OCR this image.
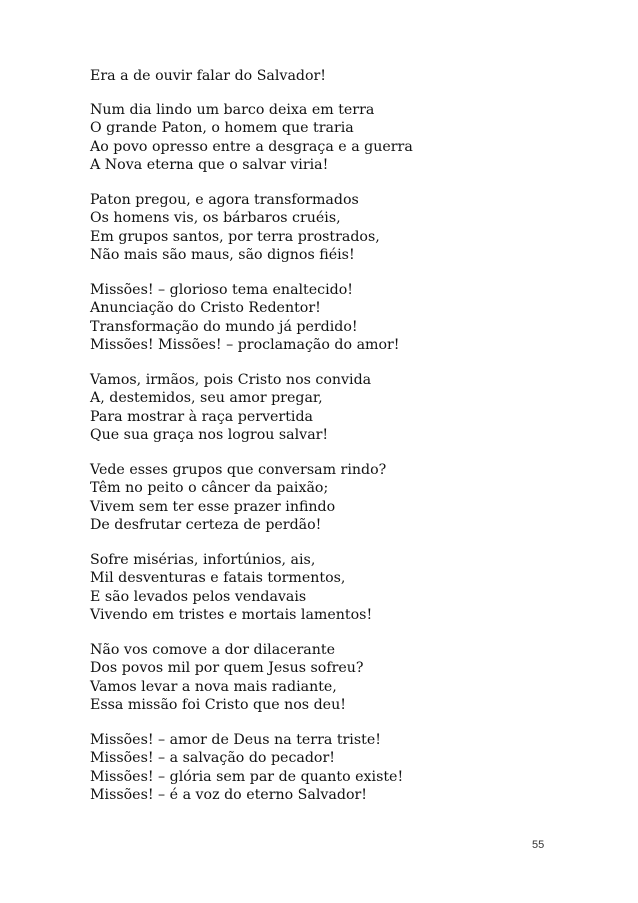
Era a de ouvir falar do Salvador!
Num dia lindo um barco deixa em terra
O grande Paton, o homem que traria
Ao povo opresso entre a desgraça e a guerra
A Nova eterna que o salvar viria!
Paton pregou, e agora transformados
Os homens vis, os bárbaros cruéis,
Em grupos santos, por terra prostrados,
Não mais são maus, são dignos fiéis!
Missões! – glorioso tema enaltecido!
Anunciação do Cristo Redentor!
Transformação do mundo já perdido!
Missões! Missões! – proclamação do amor!
Vamos, irmãos, pois Cristo nos convida
A, destemidos, seu amor pregar,
Para mostrar à raça pervertida
Que sua graça nos logrou salvar!
Vede esses grupos que conversam rindo?
Têm no peito o câncer da paixão;
Vivem sem ter esse prazer infindo
De desfrutar certeza de perdão!
Sofre misérias, infortúnios, ais,
Mil desventuras e fatais tormentos,
E são levados pelos vendavais
Vivendo em tristes e mortais lamentos!
Não vos comove a dor dilacerante
Dos povos mil por quem Jesus sofreu?
Vamos levar a nova mais radiante,
Essa missão foi Cristo que nos deu!
Missões! – amor de Deus na terra triste!
Missões! – a salvação do pecador!
Missões! – glória sem par de quanto existe!
Missões! – é a voz do eterno Salvador!
55
